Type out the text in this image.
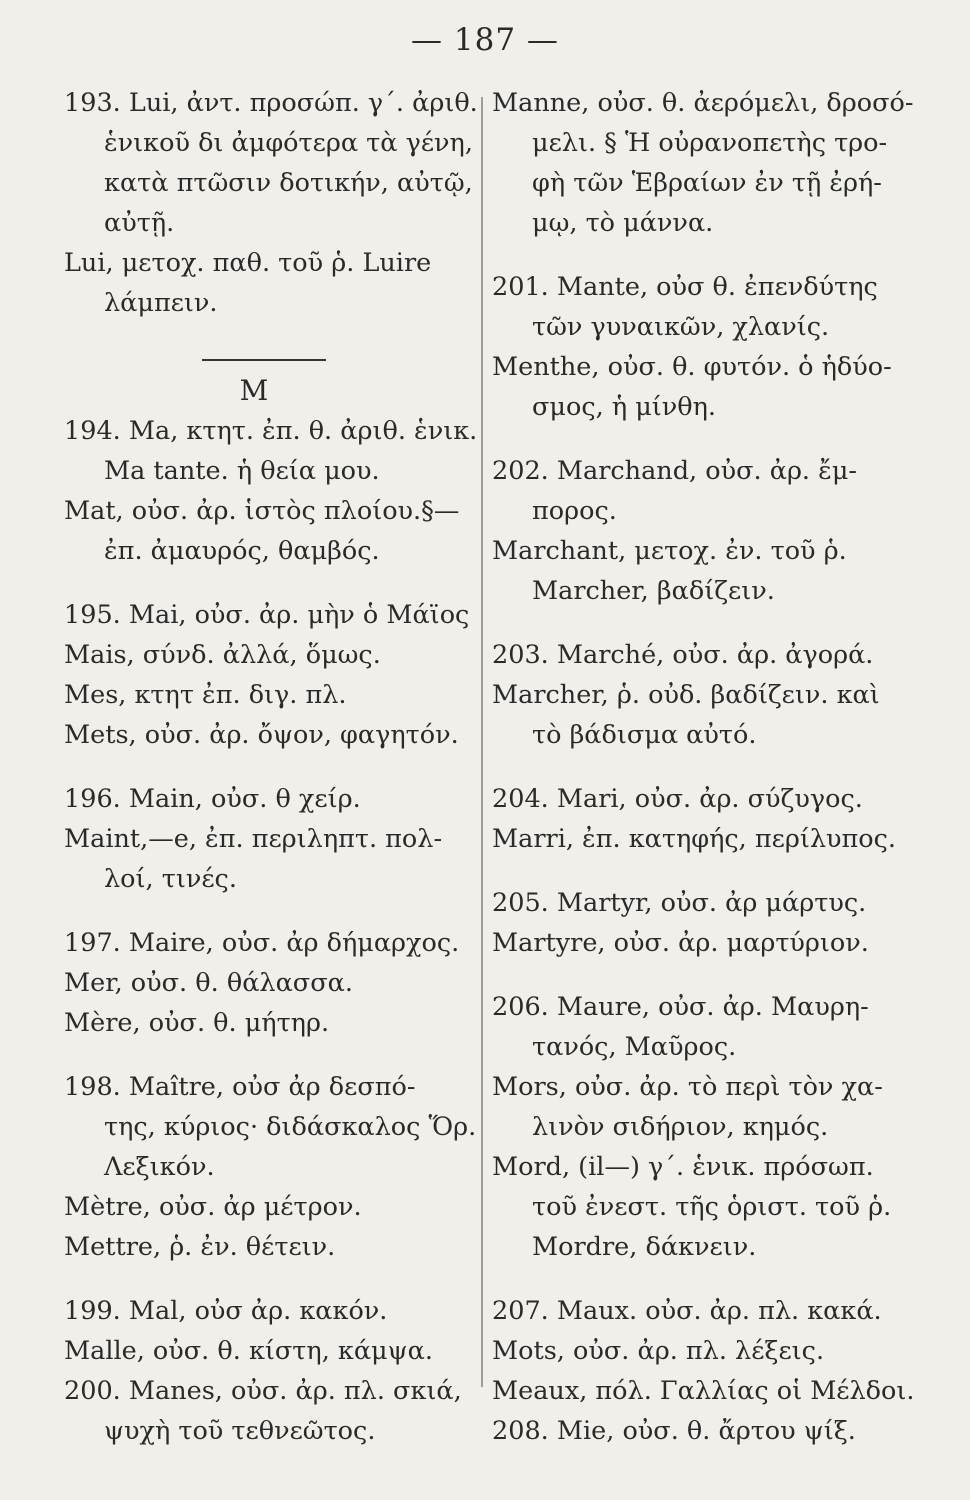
— 187 —
193. Lui, ἀντ. προσώπ. γ΄. ἀριθ.
ἑνικοῦ δι ἀμφότερα τὰ γένη,
κατὰ πτῶσιν δοτικήν, αὐτῷ,
αὐτῇ.
Lui, μετοχ. παθ. τοῦ ῥ. Luire
λάμπειν.
M
194. Ma, κτητ. ἐπ. θ. ἀριθ. ἑνικ.
Ma tante. ἡ θεία μου.
Mat, οὐσ. ἀρ. ἱστὸς πλοίου.§—
ἐπ. ἀμαυρός, θαμβός.
195. Mai, οὐσ. ἀρ. μὴν ὁ Μάϊος
Mais, σύνδ. ἀλλά, ὅμως.
Mes, κτητ ἐπ. διγ. πλ.
Mets, οὐσ. ἀρ. ὄψον, φαγητόν.
196. Main, οὐσ. θ χείρ.
Maint,—e, ἐπ. περιληπτ. πολ-
λοί, τινές.
197. Maire, οὐσ. ἀρ δήμαρχος.
Mer, οὐσ. θ. θάλασσα.
Mère, οὐσ. θ. μήτηρ.
198. Maître, οὐσ ἀρ δεσπό-
της, κύριος· διδάσκαλος Ὅρ.
Λεξικόν.
Mètre, οὐσ. ἀρ μέτρον.
Mettre, ῥ. ἐν. θέτειν.
199. Mal, οὐσ ἀρ. κακόν.
Malle, οὐσ. θ. κίστη, κάμψα.
200. Manes, οὐσ. ἀρ. πλ. σκιά,
ψυχὴ τοῦ τεθνεῶτος.
Manne, οὐσ. θ. ἀερόμελι, δροσό-
μελι. § Ἡ οὐρανοπετὴς τρο-
φὴ τῶν Ἑβραίων ἐν τῇ ἐρή-
μῳ, τὸ μάννα.
201. Mante, οὐσ θ. ἐπενδύτης
τῶν γυναικῶν, χλανίς.
Menthe, οὐσ. θ. φυτόν. ὁ ἡδύο-
σμος, ἡ μίνθη.
202. Marchand, οὐσ. ἀρ. ἔμ-
πορος.
Marchant, μετοχ. ἐν. τοῦ ῥ.
Marcher, βαδίζειν.
203. Marché, οὐσ. ἀρ. ἀγορά.
Marcher, ῥ. οὐδ. βαδίζειν. καὶ
τὸ βάδισμα αὐτό.
204. Mari, οὐσ. ἀρ. σύζυγος.
Marri, ἐπ. κατηφής, περίλυπος.
205. Martyr, οὐσ. ἀρ μάρτυς.
Martyre, οὐσ. ἀρ. μαρτύριον.
206. Maure, οὐσ. ἀρ. Μαυρη-
τανός, Μαῦρος.
Mors, οὐσ. ἀρ. τὸ περὶ τὸν χα-
λινὸν σιδήριον, κημός.
Mord, (il—) γ΄. ἑνικ. πρόσωπ.
τοῦ ἐνεστ. τῆς ὁριστ. τοῦ ῥ.
Mordre, δάκνειν.
207. Maux. οὐσ. ἀρ. πλ. κακά.
Mots, οὐσ. ἀρ. πλ. λέξεις.
Meaux, πόλ. Γαλλίας οἱ Μέλδοι.
208. Mie, οὐσ. θ. ἄρτου ψίξ.
